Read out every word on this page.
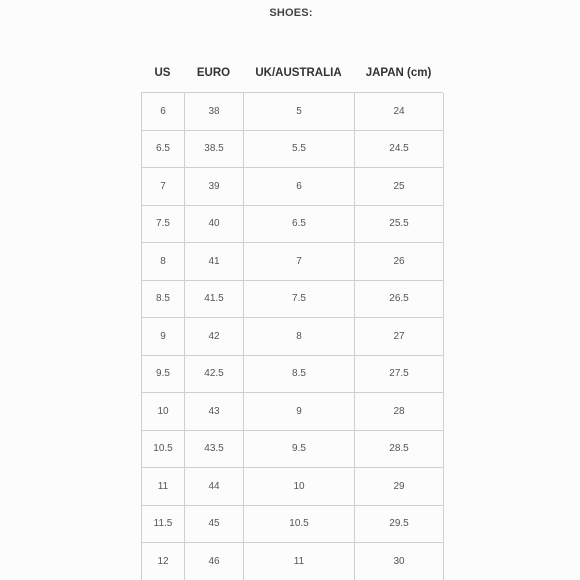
SHOES:
US	EURO	UK/AUSTRALIA	JAPAN (cm)
6	38	5	24
6.5	38.5	5.5	24.5
7	39	6	25
7.5	40	6.5	25.5
8	41	7	26
8.5	41.5	7.5	26.5
9	42	8	27
9.5	42.5	8.5	27.5
10	43	9	28
10.5	43.5	9.5	28.5
11	44	10	29
11.5	45	10.5	29.5
12	46	11	30
